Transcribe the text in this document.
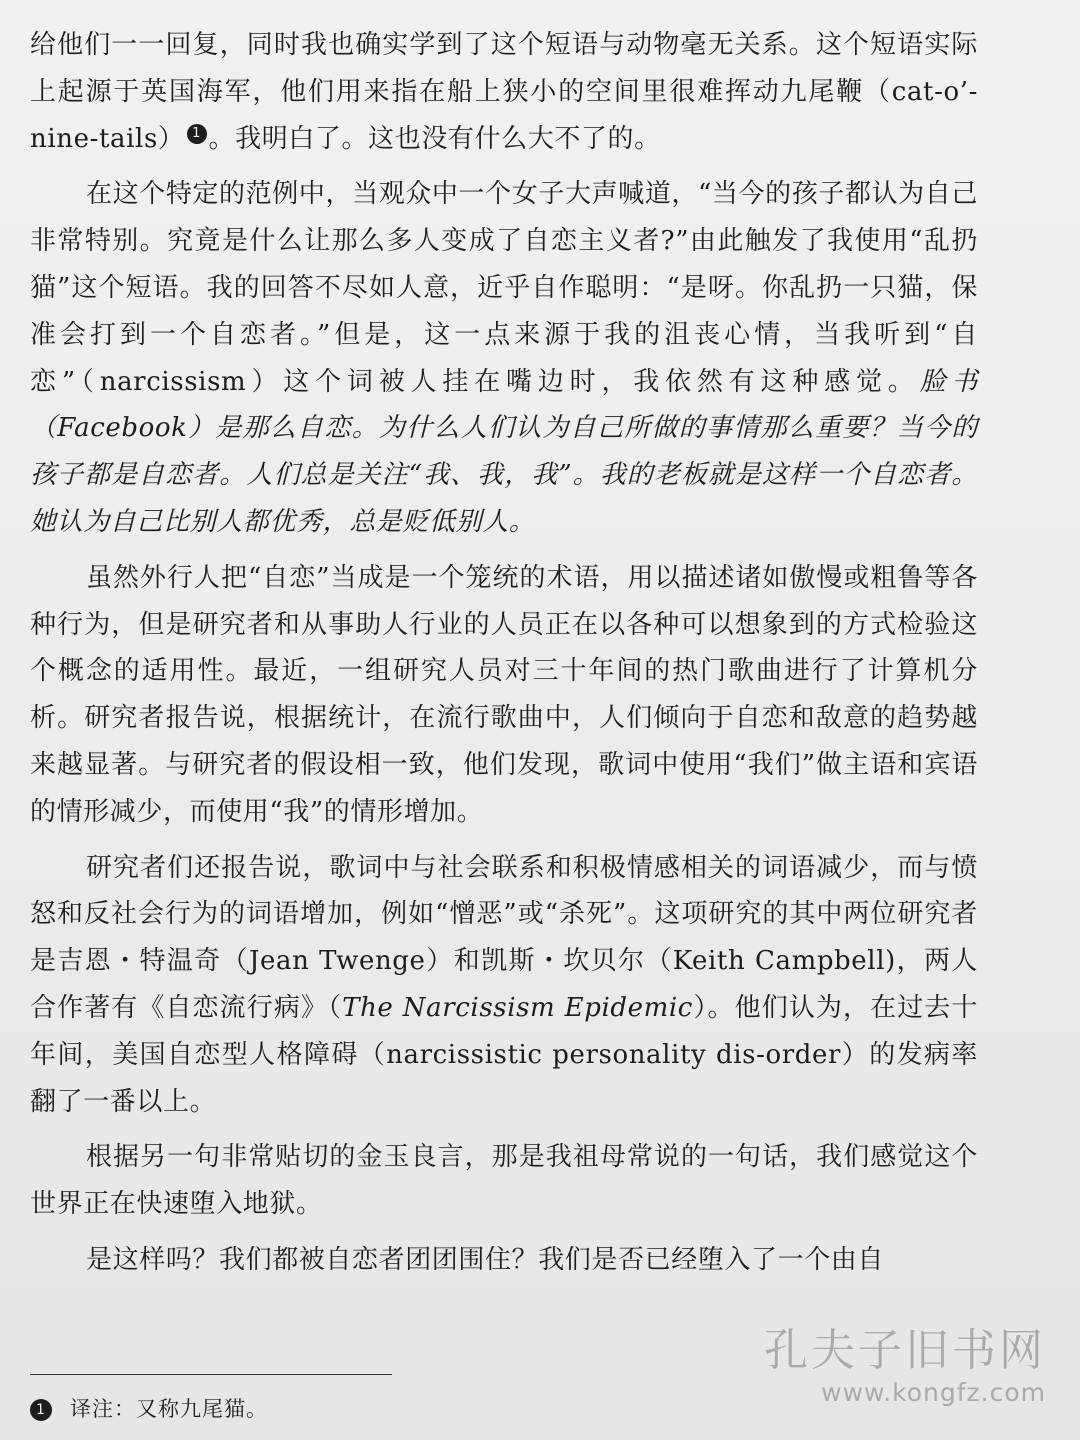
给他们一一回复，同时我也确实学到了这个短语与动物毫无关系。这个短语实际上起源于英国海军，他们用来指在船上狭小的空间里很难挥动九尾鞭（cat-o’-nine-tails） 1 。我明白了。这也没有什么大不了的。

在这个特定的范例中，当观众中一个女子大声喊道，“当今的孩子都认为自己非常特别。究竟是什么让那么多人变成了自恋主义者?”由此触发了我使用“乱扔猫”这个短语。我的回答不尽如人意，近乎自作聪明：“是呀。你乱扔一只猫，保准会打到一个自恋者。”但是，这一点来源于我的沮丧心情，当我听到“自恋”（narcissism）这个词被人挂在嘴边时，我依然有这种感觉。脸书（Facebook）是那么自恋。为什么人们认为自己所做的事情那么重要？当今的孩子都是自恋者。人们总是关注“我、我，我”。我的老板就是这样一个自恋者。她认为自己比别人都优秀，总是贬低别人。

虽然外行人把“自恋”当成是一个笼统的术语，用以描述诸如傲慢或粗鲁等各种行为，但是研究者和从事助人行业的人员正在以各种可以想象到的方式检验这个概念的适用性。最近，一组研究人员对三十年间的热门歌曲进行了计算机分析。研究者报告说，根据统计，在流行歌曲中，人们倾向于自恋和敌意的趋势越来越显著。与研究者的假设相一致，他们发现，歌词中使用“我们”做主语和宾语的情形减少，而使用“我”的情形增加。

研究者们还报告说，歌词中与社会联系和积极情感相关的词语减少，而与愤怒和反社会行为的词语增加，例如“憎恶”或“杀死”。这项研究的其中两位研究者是吉恩・特温奇（Jean Twenge）和凯斯・坎贝尔（Keith Campbell)，两人合作著有《自恋流行病》（The Narcissism Epidemic）。他们认为，在过去十年间，美国自恋型人格障碍（narcissistic personality dis-order）的发病率翻了一番以上。

根据另一句非常贴切的金玉良言，那是我祖母常说的一句话，我们感觉这个世界正在快速堕入地狱。

是这样吗？我们都被自恋者团团围住？我们是否已经堕入了一个由自

1 译注：又称九尾猫。
孔夫子旧书网
www.kongfz.com
